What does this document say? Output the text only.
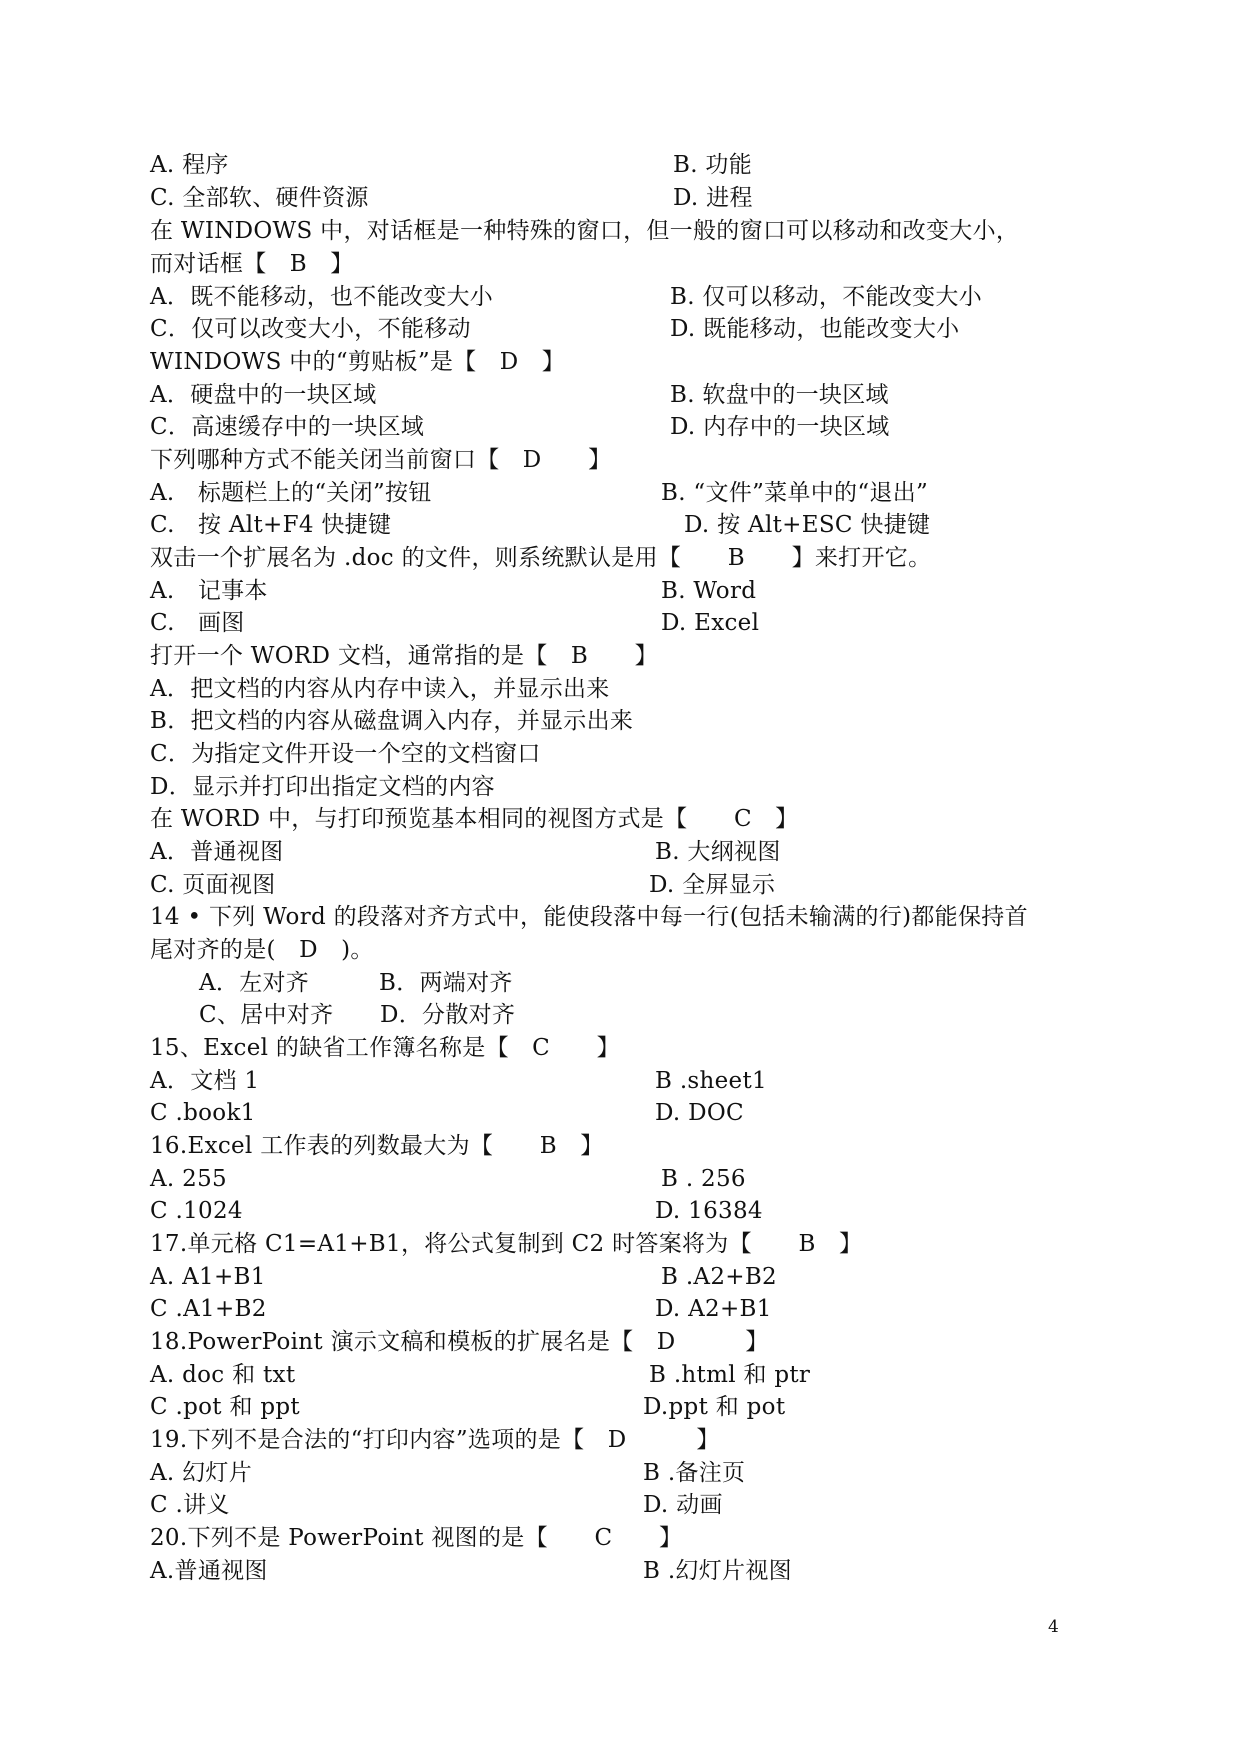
A. 程序	B. 功能
C. 全部软、硬件资源	D. 进程
在 WINDOWS 中，对话框是一种特殊的窗口，但一般的窗口可以移动和改变大小，
而对话框【　B　】
A．既不能移动，也不能改变大小	B. 仅可以移动，不能改变大小
C．仅可以改变大小，不能移动	D. 既能移动，也能改变大小
WINDOWS 中的“剪贴板”是【　D　】
A．硬盘中的一块区域	B. 软盘中的一块区域
C．高速缓存中的一块区域	D. 内存中的一块区域
下列哪种方式不能关闭当前窗口【　D　　】
A.　标题栏上的“关闭”按钮	B. “文件”菜单中的“退出”
C.　按 Alt+F4 快捷键	D. 按 Alt+ESC 快捷键
双击一个扩展名为 .doc 的文件，则系统默认是用【　　B　　】来打开它。
A.　记事本	B. Word
C.　画图	D. Excel
打开一个 WORD 文档，通常指的是【　B　　】
A．把文档的内容从内存中读入，并显示出来
B．把文档的内容从磁盘调入内存，并显示出来
C．为指定文件开设一个空的文档窗口
D．显示并打印出指定文档的内容
在 WORD 中，与打印预览基本相同的视图方式是【　　C　】
A．普通视图	B. 大纲视图
C. 页面视图	D. 全屏显示
14 • 下列 Word 的段落对齐方式中，能使段落中每一行(包括未输满的行)都能保持首
尾对齐的是(　D　)。
A．左对齐　　　B．两端对齐
C、居中对齐　　D．分散对齐
15、Excel 的缺省工作簿名称是【　C　　】
A．文档 1	B .sheet1
C .book1	D. DOC
16.Excel 工作表的列数最大为【　　B　】
A. 255	B . 256
C .1024	D. 16384
17.单元格 C1=A1+B1，将公式复制到 C2 时答案将为【　　B　】
A. A1+B1	B .A2+B2
C .A1+B2	D. A2+B1
18.PowerPoint 演示文稿和模板的扩展名是【　D　　　】
A. doc 和 txt	B .html 和 ptr
C .pot 和 ppt	D.ppt 和 pot
19.下列不是合法的“打印内容”选项的是【　D　　　】
A. 幻灯片	B .备注页
C .讲义	D. 动画
20.下列不是 PowerPoint 视图的是【　　C　　】
A.普通视图	B .幻灯片视图
4
